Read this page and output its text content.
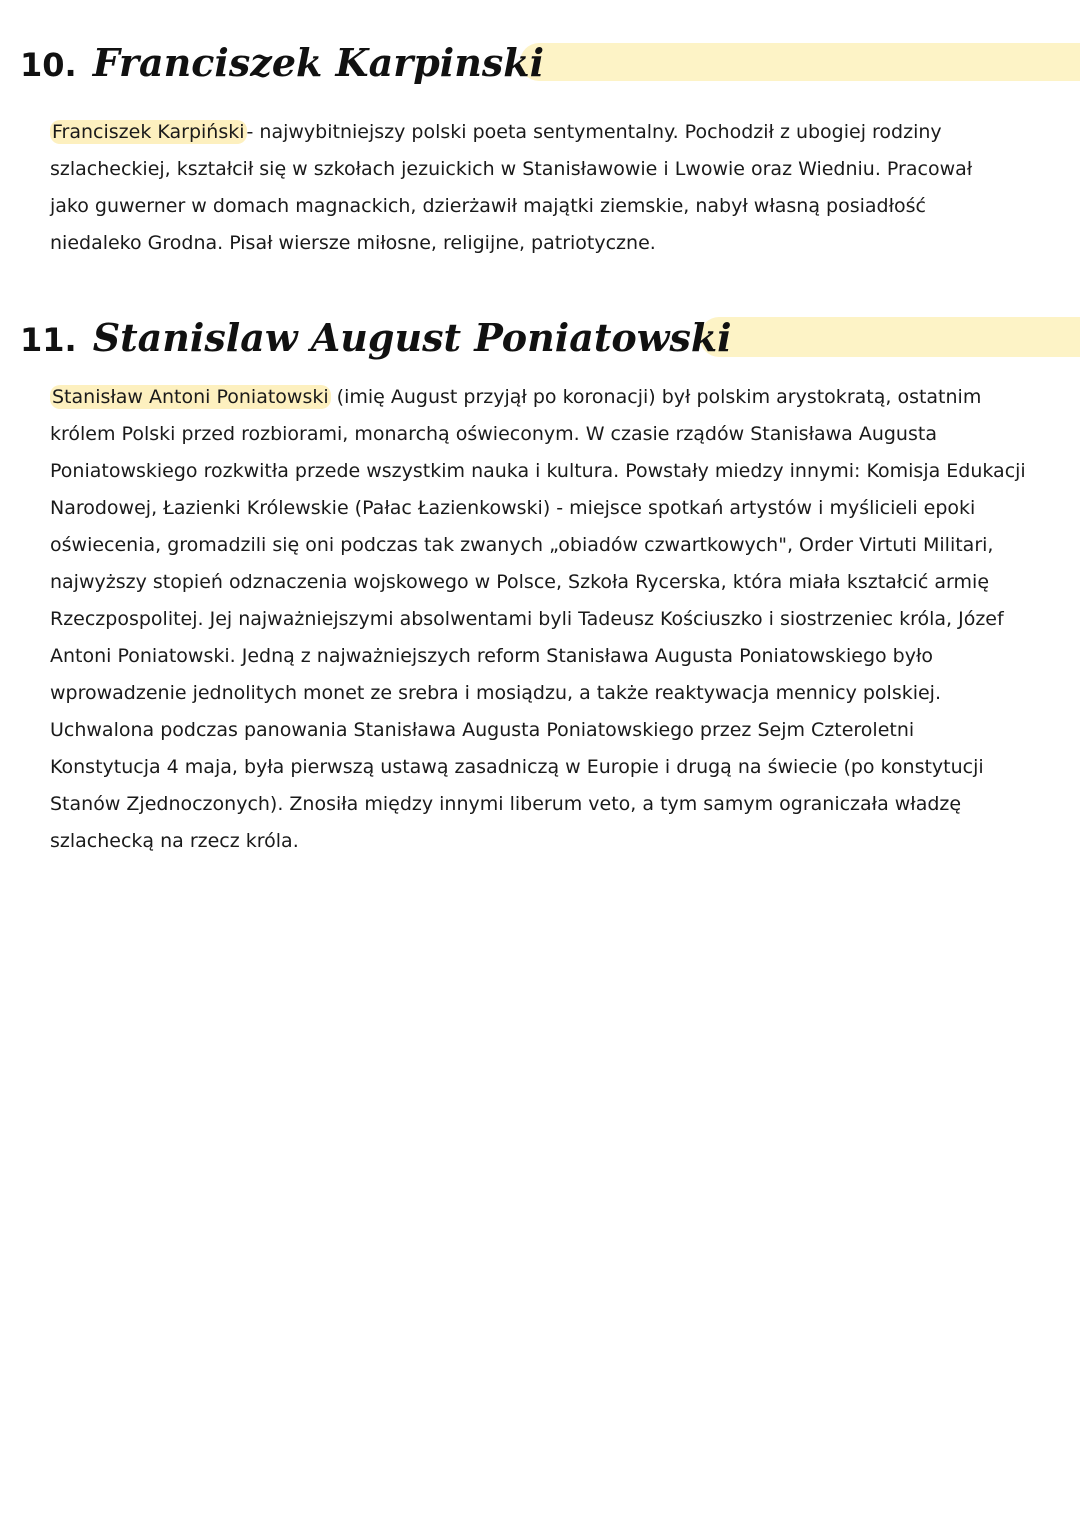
10. Franciszek Karpinski

Franciszek Karpiński - najwybitniejszy polski poeta sentymentalny. Pochodził z ubogiej rodziny szlacheckiej, kształcił się w szkołach jezuickich w Stanisławowie i Lwowie oraz Wiedniu. Pracował jako guwerner w domach magnackich, dzierżawił majątki ziemskie, nabył własną posiadłość niedaleko Grodna. Pisał wiersze miłosne, religijne, patriotyczne.

11. Stanislaw August Poniatowski

Stanisław Antoni Poniatowski (imię August przyjął po koronacji) był polskim arystokratą, ostatnim królem Polski przed rozbiorami, monarchą oświeconym. W czasie rządów Stanisława Augusta Poniatowskiego rozkwitła przede wszystkim nauka i kultura. Powstały miedzy innymi: Komisja Edukacji Narodowej, Łazienki Królewskie (Pałac Łazienkowski) - miejsce spotkań artystów i myślicieli epoki oświecenia, gromadzili się oni podczas tak zwanych „obiadów czwartkowych", Order Virtuti Militari, najwyższy stopień odznaczenia wojskowego w Polsce, Szkoła Rycerska, która miała kształcić armię Rzeczpospolitej. Jej najważniejszymi absolwentami byli Tadeusz Kościuszko i siostrzeniec króla, Józef Antoni Poniatowski. Jedną z najważniejszych reform Stanisława Augusta Poniatowskiego było wprowadzenie jednolitych monet ze srebra i mosiądzu, a także reaktywacja mennicy polskiej. Uchwalona podczas panowania Stanisława Augusta Poniatowskiego przez Sejm Czteroletni Konstytucja 4 maja, była pierwszą ustawą zasadniczą w Europie i drugą na świecie (po konstytucji Stanów Zjednoczonych). Znosiła między innymi liberum veto, a tym samym ograniczała władzę szlachecką na rzecz króla.
